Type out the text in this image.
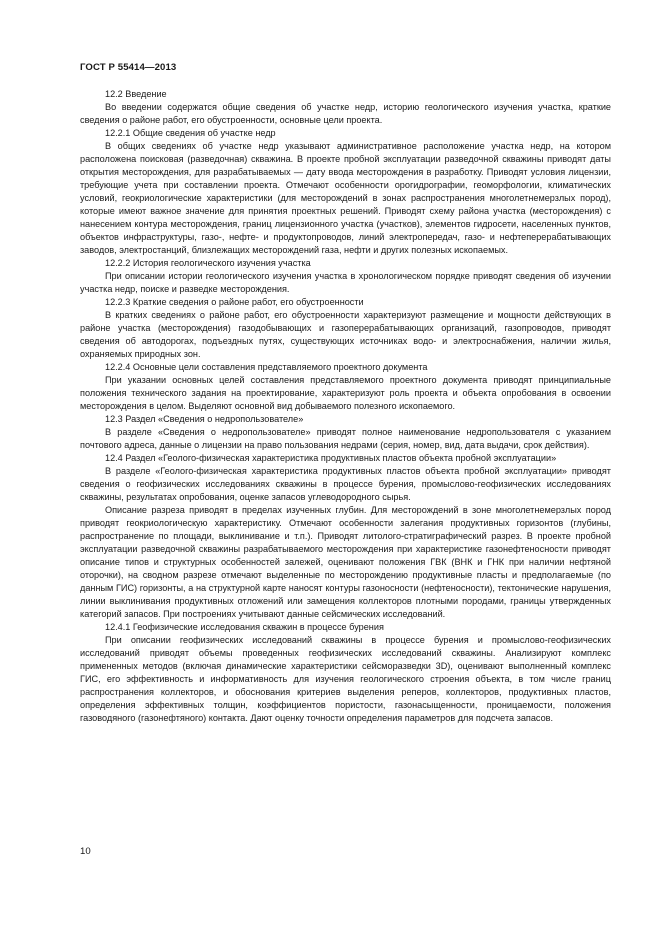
ГОСТ Р 55414—2013

12.2 Введение

Во введении содержатся общие сведения об участке недр, историю геологического изучения участка, краткие сведения о районе работ, его обустроенности, основные цели проекта.

12.2.1 Общие сведения об участке недр

В общих сведениях об участке недр указывают административное расположение участка недр, на котором расположена поисковая (разведочная) скважина. В проекте пробной эксплуатации разведочной скважины приводят даты открытия месторождения, для разрабатываемых — дату ввода месторождения в разработку. Приводят условия лицензии, требующие учета при составлении проекта. Отмечают особенности орогидрографии, геоморфологии, климатических условий, геокриологические характеристики (для месторождений в зонах распространения многолетнемерзлых пород), которые имеют важное значение для принятия проектных решений. Приводят схему района участка (месторождения) с нанесением контура месторождения, границ лицензионного участка (участков), элементов гидросети, населенных пунктов, объектов инфраструктуры, газо-, нефте- и продуктопроводов, линий электропередач, газо- и нефтеперерабатывающих заводов, электростанций, близлежащих месторождений газа, нефти и других полезных ископаемых.

12.2.2 История геологического изучения участка

При описании истории геологического изучения участка в хронологическом порядке приводят сведения об изучении участка недр, поиске и разведке месторождения.

12.2.3 Краткие сведения о районе работ, его обустроенности

В кратких сведениях о районе работ, его обустроенности характеризуют размещение и мощности действующих в районе участка (месторождения) газодобывающих и газоперерабатывающих организаций, газопроводов, приводят сведения об автодорогах, подъездных путях, существующих источниках водо- и электроснабжения, наличии жилья, охраняемых природных зон.

12.2.4 Основные цели составления представляемого проектного документа

При указании основных целей составления представляемого проектного документа приводят принципиальные положения технического задания на проектирование, характеризуют роль проекта и объекта опробования в освоении месторождения в целом. Выделяют основной вид добываемого полезного ископаемого.

12.3 Раздел «Сведения о недропользователе»

В разделе «Сведения о недропользователе» приводят полное наименование недропользователя с указанием почтового адреса, данные о лицензии на право пользования недрами (серия, номер, вид, дата выдачи, срок действия).

12.4 Раздел «Геолого-физическая характеристика продуктивных пластов объекта пробной эксплуатации»

В разделе «Геолого-физическая характеристика продуктивных пластов объекта пробной эксплуатации» приводят сведения о геофизических исследованиях скважины в процессе бурения, промыслово-геофизических исследованиях скважины, результатах опробования, оценке запасов углеводородного сырья.

Описание разреза приводят в пределах изученных глубин. Для месторождений в зоне многолетнемерзлых пород приводят геокриологическую характеристику. Отмечают особенности залегания продуктивных горизонтов (глубины, распространение по площади, выклинивание и т.п.). Приводят литолого-стратиграфический разрез. В проекте пробной эксплуатации разведочной скважины разрабатываемого месторождения при характеристике газонефтеносности приводят описание типов и структурных особенностей залежей, оценивают положения ГВК (ВНК и ГНК при наличии нефтяной оторочки), на сводном разрезе отмечают выделенные по месторождению продуктивные пласты и предполагаемые (по данным ГИС) горизонты, а на структурной карте наносят контуры газоносности (нефтеносности), тектонические нарушения, линии выклинивания продуктивных отложений или замещения коллекторов плотными породами, границы утвержденных категорий запасов. При построениях учитывают данные сейсмических исследований.

12.4.1 Геофизические исследования скважин в процессе бурения

При описании геофизических исследований скважины в процессе бурения и промыслово-геофизических исследований приводят объемы проведенных геофизических исследований скважины. Анализируют комплекс примененных методов (включая динамические характеристики сейсморазведки 3D), оценивают выполненный комплекс ГИС, его эффективность и информативность для изучения геологического строения объекта, в том числе границ распространения коллекторов, и обоснования критериев выделения реперов, коллекторов, продуктивных пластов, определения эффективных толщин, коэффициентов пористости, газонасыщенности, проницаемости, положения газоводяного (газонефтяного) контакта. Дают оценку точности определения параметров для подсчета запасов.

10
